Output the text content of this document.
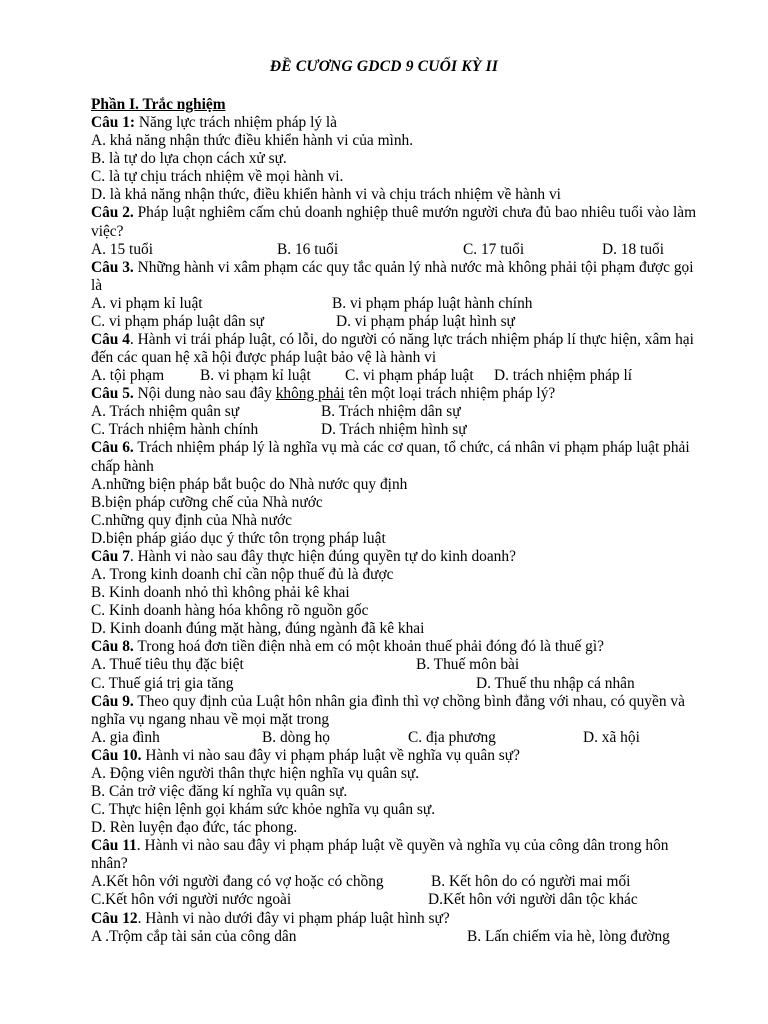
ĐỀ CƯƠNG GDCD 9 CUỐI KỲ II
Phần I. Trắc nghiệm
Câu 1: Năng lực trách nhiệm pháp lý là
A. khả năng nhận thức điều khiển hành vi của mình.
B. là tự do lựa chọn cách xử sự.
C. là tự chịu trách nhiệm về mọi hành vi.
D. là khả năng nhận thức, điều khiển hành vi và chịu trách nhiệm về hành vi
Câu 2. Pháp luật nghiêm cấm chủ doanh nghiệp thuê mướn người chưa đủ bao nhiêu tuổi vào làm việc?
A. 15 tuổi	B. 16 tuổi	C. 17 tuổi	D. 18 tuổi
Câu 3. Những hành vi xâm phạm các quy tắc quản lý nhà nước mà không phải tội phạm được gọi là
A. vi phạm kỉ luật	B. vi phạm pháp luật hành chính
C. vi phạm pháp luật dân sự	D. vi phạm pháp luật hình sự
Câu 4. Hành vi trái pháp luật, có lỗi, do người có năng lực trách nhiệm pháp lí thực hiện, xâm hại đến các quan hệ xã hội được pháp luật bảo vệ là hành vi
A. tội phạm B. vi phạm kỉ luật C. vi phạm pháp luật D. trách nhiệm pháp lí
Câu 5. Nội dung nào sau đây không phải tên một loại trách nhiệm pháp lý?
A. Trách nhiệm quân sự	B. Trách nhiệm dân sự
C. Trách nhiệm hành chính	D. Trách nhiệm hình sự
Câu 6. Trách nhiệm pháp lý là nghĩa vụ mà các cơ quan, tổ chức, cá nhân vi phạm pháp luật phải chấp hành
A.những biện pháp bắt buộc do Nhà nước quy định
B.biện pháp cưỡng chế của Nhà nước
C.những quy định của Nhà nước
D.biện pháp giáo dục ý thức tôn trọng pháp luật
Câu 7. Hành vi nào sau đây thực hiện đúng quyền tự do kinh doanh?
A. Trong kinh doanh chỉ cần nộp thuế đủ là được
B. Kinh doanh nhỏ thì không phải kê khai
C. Kinh doanh hàng hóa không rõ nguồn gốc
D. Kinh doanh đúng mặt hàng, đúng ngành đã kê khai
Câu 8. Trong hoá đơn tiền điện nhà em có một khoản thuế phải đóng đó là thuế gì?
A. Thuế tiêu thụ đặc biệt	B. Thuế môn bài
C. Thuế giá trị gia tăng	D. Thuế thu nhập cá nhân
Câu 9. Theo quy định của Luật hôn nhân gia đình thì vợ chồng bình đẳng với nhau, có quyền và nghĩa vụ ngang nhau về mọi mặt trong
A. gia đình	B. dòng họ	C. địa phương	D. xã hội
Câu 10. Hành vi nào sau đây vi phạm pháp luật về nghĩa vụ quân sự?
A. Động viên người thân thực hiện nghĩa vụ quân sự.
B. Cản trở việc đăng kí nghĩa vụ quân sự.
C. Thực hiện lệnh gọi khám sức khỏe nghĩa vụ quân sự.
D. Rèn luyện đạo đức, tác phong.
Câu 11. Hành vi nào sau đây vi phạm pháp luật về quyền và nghĩa vụ của công dân trong hôn nhân?
A.Kết hôn với người đang có vợ hoặc có chồng	B. Kết hôn do có người mai mối
C.Kết hôn với người nước ngoài	D.Kết hôn với người dân tộc khác
Câu 12. Hành vi nào dưới đây vi phạm pháp luật hình sự?
A .Trộm cắp tài sản của công dân	B. Lấn chiếm vỉa hè, lòng đường
